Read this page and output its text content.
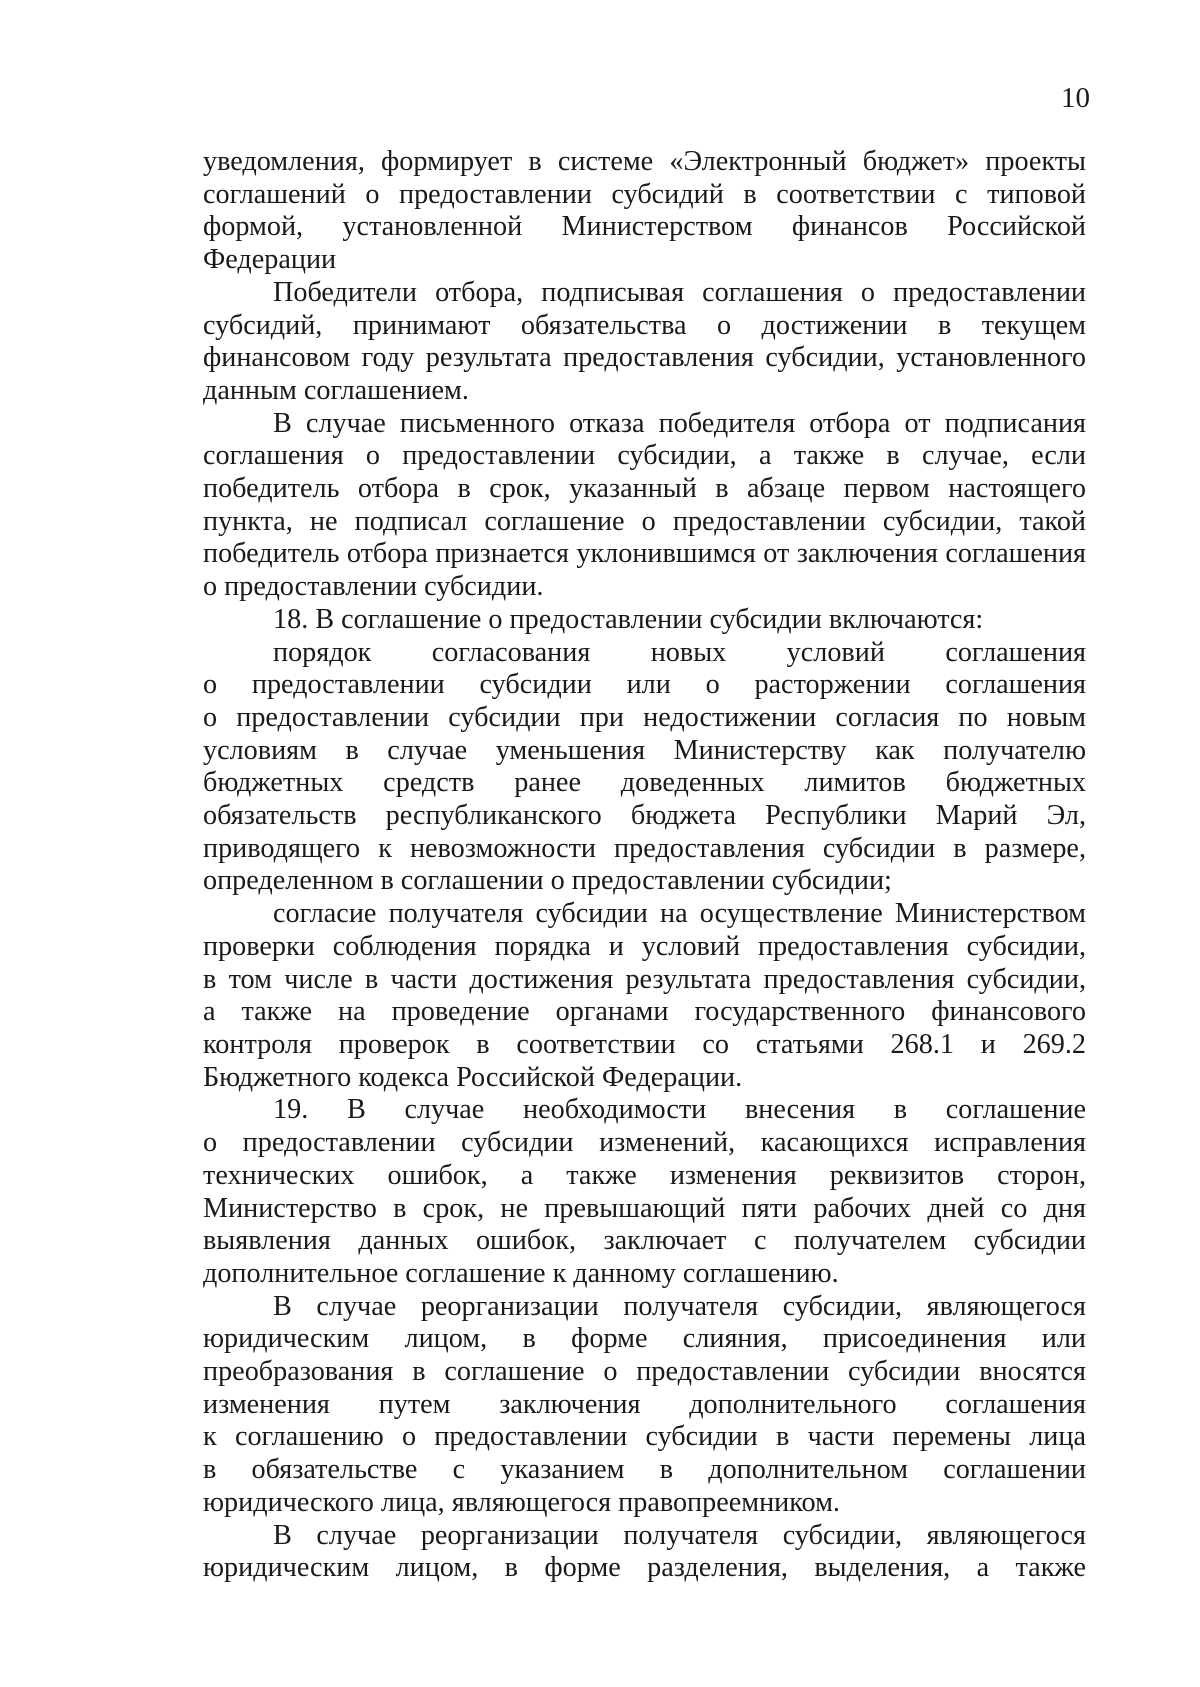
10
уведомления, формирует в системе «Электронный бюджет» проекты
соглашений о предоставлении субсидий в соответствии с типовой
формой, установленной Министерством финансов Российской
Федерации
Победители отбора, подписывая соглашения о предоставлении
субсидий, принимают обязательства о достижении в текущем
финансовом году результата предоставления субсидии, установленного
данным соглашением.
В случае письменного отказа победителя отбора от подписания
соглашения о предоставлении субсидии, а также в случае, если
победитель отбора в срок, указанный в абзаце первом настоящего
пункта, не подписал соглашение о предоставлении субсидии, такой
победитель отбора признается уклонившимся от заключения соглашения
о предоставлении субсидии.
18. В соглашение о предоставлении субсидии включаются:
порядок согласования новых условий соглашения
о предоставлении субсидии или о расторжении соглашения
о предоставлении субсидии при недостижении согласия по новым
условиям в случае уменьшения Министерству как получателю
бюджетных средств ранее доведенных лимитов бюджетных
обязательств республиканского бюджета Республики Марий Эл,
приводящего к невозможности предоставления субсидии в размере,
определенном в соглашении о предоставлении субсидии;
согласие получателя субсидии на осуществление Министерством
проверки соблюдения порядка и условий предоставления субсидии,
в том числе в части достижения результата предоставления субсидии,
а также на проведение органами государственного финансового
контроля проверок в соответствии со статьями 268.1 и 269.2
Бюджетного кодекса Российской Федерации.
19. В случае необходимости внесения в соглашение
о предоставлении субсидии изменений, касающихся исправления
технических ошибок, а также изменения реквизитов сторон,
Министерство в срок, не превышающий пяти рабочих дней со дня
выявления данных ошибок, заключает с получателем субсидии
дополнительное соглашение к данному соглашению.
В случае реорганизации получателя субсидии, являющегося
юридическим лицом, в форме слияния, присоединения или
преобразования в соглашение о предоставлении субсидии вносятся
изменения путем заключения дополнительного соглашения
к соглашению о предоставлении субсидии в части перемены лица
в обязательстве с указанием в дополнительном соглашении
юридического лица, являющегося правопреемником.
В случае реорганизации получателя субсидии, являющегося
юридическим лицом, в форме разделения, выделения, а также
